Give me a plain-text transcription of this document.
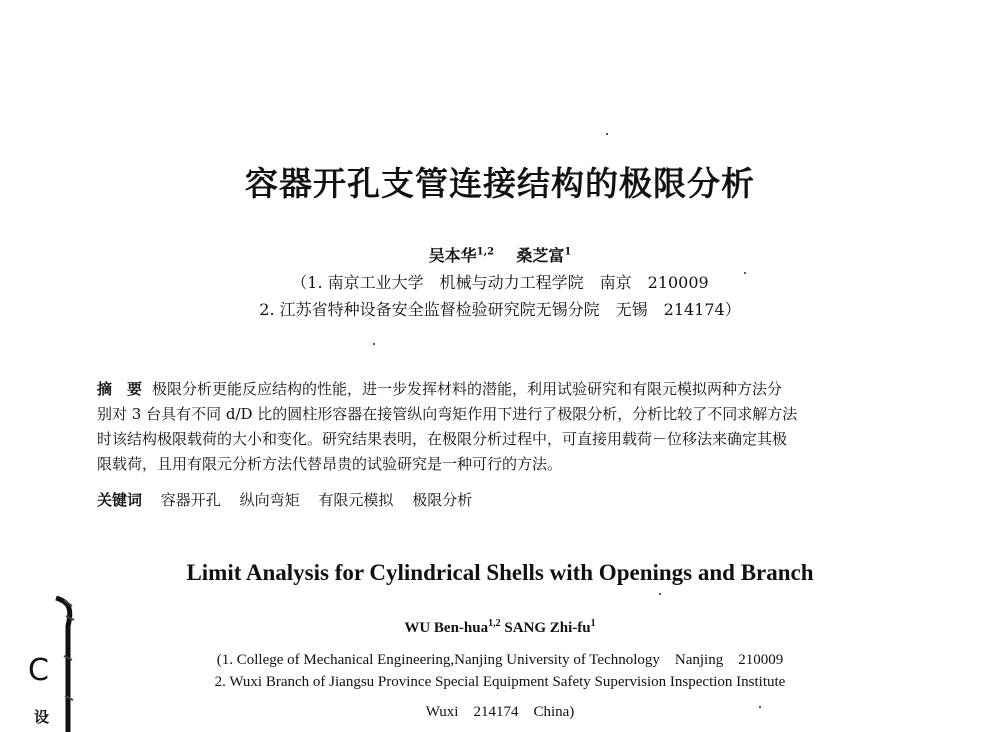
容器开孔支管连接结构的极限分析
吴本华$^{1,2}$ 桑芝富$^1$
（1. 南京工业大学　机械与动力工程学院　南京　210009
2. 江苏省特种设备安全监督检验研究院无锡分院　无锡　214174）
摘　要 极限分析更能反应结构的性能，进一步发挥材料的潜能，利用试验研究和有限元模拟两种方法分
别对 3 台具有不同 d/D 比的圆柱形容器在接管纵向弯矩作用下进行了极限分析，分析比较了不同求解方法
时该结构极限载荷的大小和变化。研究结果表明，在极限分析过程中，可直接用载荷－位移法来确定其极
限载荷，且用有限元分析方法代替昂贵的试验研究是一种可行的方法。
关键词 容器开孔 纵向弯矩 有限元模拟 极限分析
Limit Analysis for Cylindrical Shells with Openings and Branch
WU Ben-hua$^{1,2}$ SANG Zhi-$fu^1$
(1. College of Mechanical Engineering,Nanjing University of Technology　Nanjing　210009
2. Wuxi Branch of Jiangsu Province Special Equipment Safety Supervision Inspection Institute
Wuxi　214174　China)
C
设
